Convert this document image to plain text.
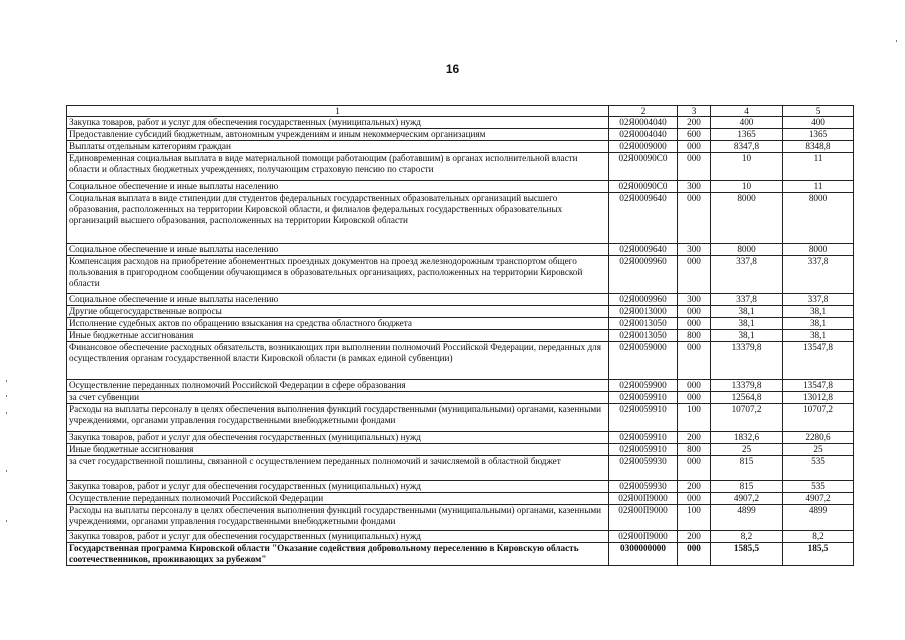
16
1	2	3	4	5
Закупка товаров, работ и услуг для обеспечения государственных (муниципальных) нужд	02Я0004040	200	400	400
Предоставление субсидий бюджетным, автономным учреждениям и иным некоммерческим организациям	02Я0004040	600	1365	1365
Выплаты отдельным категориям граждан	02Я0009000	000	8347,8	8348,8
Единовременная социальная выплата в виде материальной помощи работающим (работавшим) в органах исполнительной власти области и областных бюджетных учреждениях, получающим страховую пенсию по старости	02Я00090С0	000	10	11
Социальное обеспечение и иные выплаты населению	02Я00090С0	300	10	11
Социальная выплата в виде стипендии для студентов федеральных государственных образовательных организаций высшего образования, расположенных на территории Кировской области, и филиалов федеральных государственных образовательных организаций высшего образования, расположенных на территории Кировской области	02Я0009640	000	8000	8000
Социальное обеспечение и иные выплаты населению	02Я0009640	300	8000	8000
Компенсация расходов на приобретение абонементных проездных документов на проезд железнодорожным транспортом общего пользования в пригородном сообщении обучающимся в образовательных организациях, расположенных на территории Кировской области	02Я0009960	000	337,8	337,8
Социальное обеспечение и иные выплаты населению	02Я0009960	300	337,8	337,8
Другие общегосударственные вопросы	02Я0013000	000	38,1	38,1
Исполнение судебных актов по обращению взыскания на средства областного бюджета	02Я0013050	000	38,1	38,1
Иные бюджетные ассигнования	02Я0013050	800	38,1	38,1
Финансовое обеспечение расходных обязательств, возникающих при выполнении полномочий Российской Федерации, переданных для осуществления органам государственной власти Кировской области (в рамках единой субвенции)	02Я0059000	000	13379,8	13547,8
Осуществление переданных полномочий Российской Федерации в сфере образования	02Я0059900	000	13379,8	13547,8
за счет субвенции	02Я0059910	000	12564,8	13012,8
Расходы на выплаты персоналу в целях обеспечения выполнения функций государственными (муниципальными) органами, казенными учреждениями, органами управления государственными внебюджетными фондами	02Я0059910	100	10707,2	10707,2
Закупка товаров, работ и услуг для обеспечения государственных (муниципальных) нужд	02Я0059910	200	1832,6	2280,6
Иные бюджетные ассигнования	02Я0059910	800	25	25
за счет государственной пошлины, связанной с осуществлением переданных полномочий и зачисляемой в областной бюджет	02Я0059930	000	815	535
Закупка товаров, работ и услуг для обеспечения государственных (муниципальных) нужд	02Я0059930	200	815	535
Осуществление переданных полномочий Российской Федерации	02Я00П9000	000	4907,2	4907,2
Расходы на выплаты персоналу в целях обеспечения выполнения функций государственными (муниципальными) органами, казенными учреждениями, органами управления государственными внебюджетными фондами	02Я00П9000	100	4899	4899
Закупка товаров, работ и услуг для обеспечения государственных (муниципальных) нужд	02Я00П9000	200	8,2	8,2
Государственная программа Кировской области "Оказание содействия добровольному переселению в Кировскую область соотечественников, проживающих за рубежом"	0300000000	000	1585,5	185,5
